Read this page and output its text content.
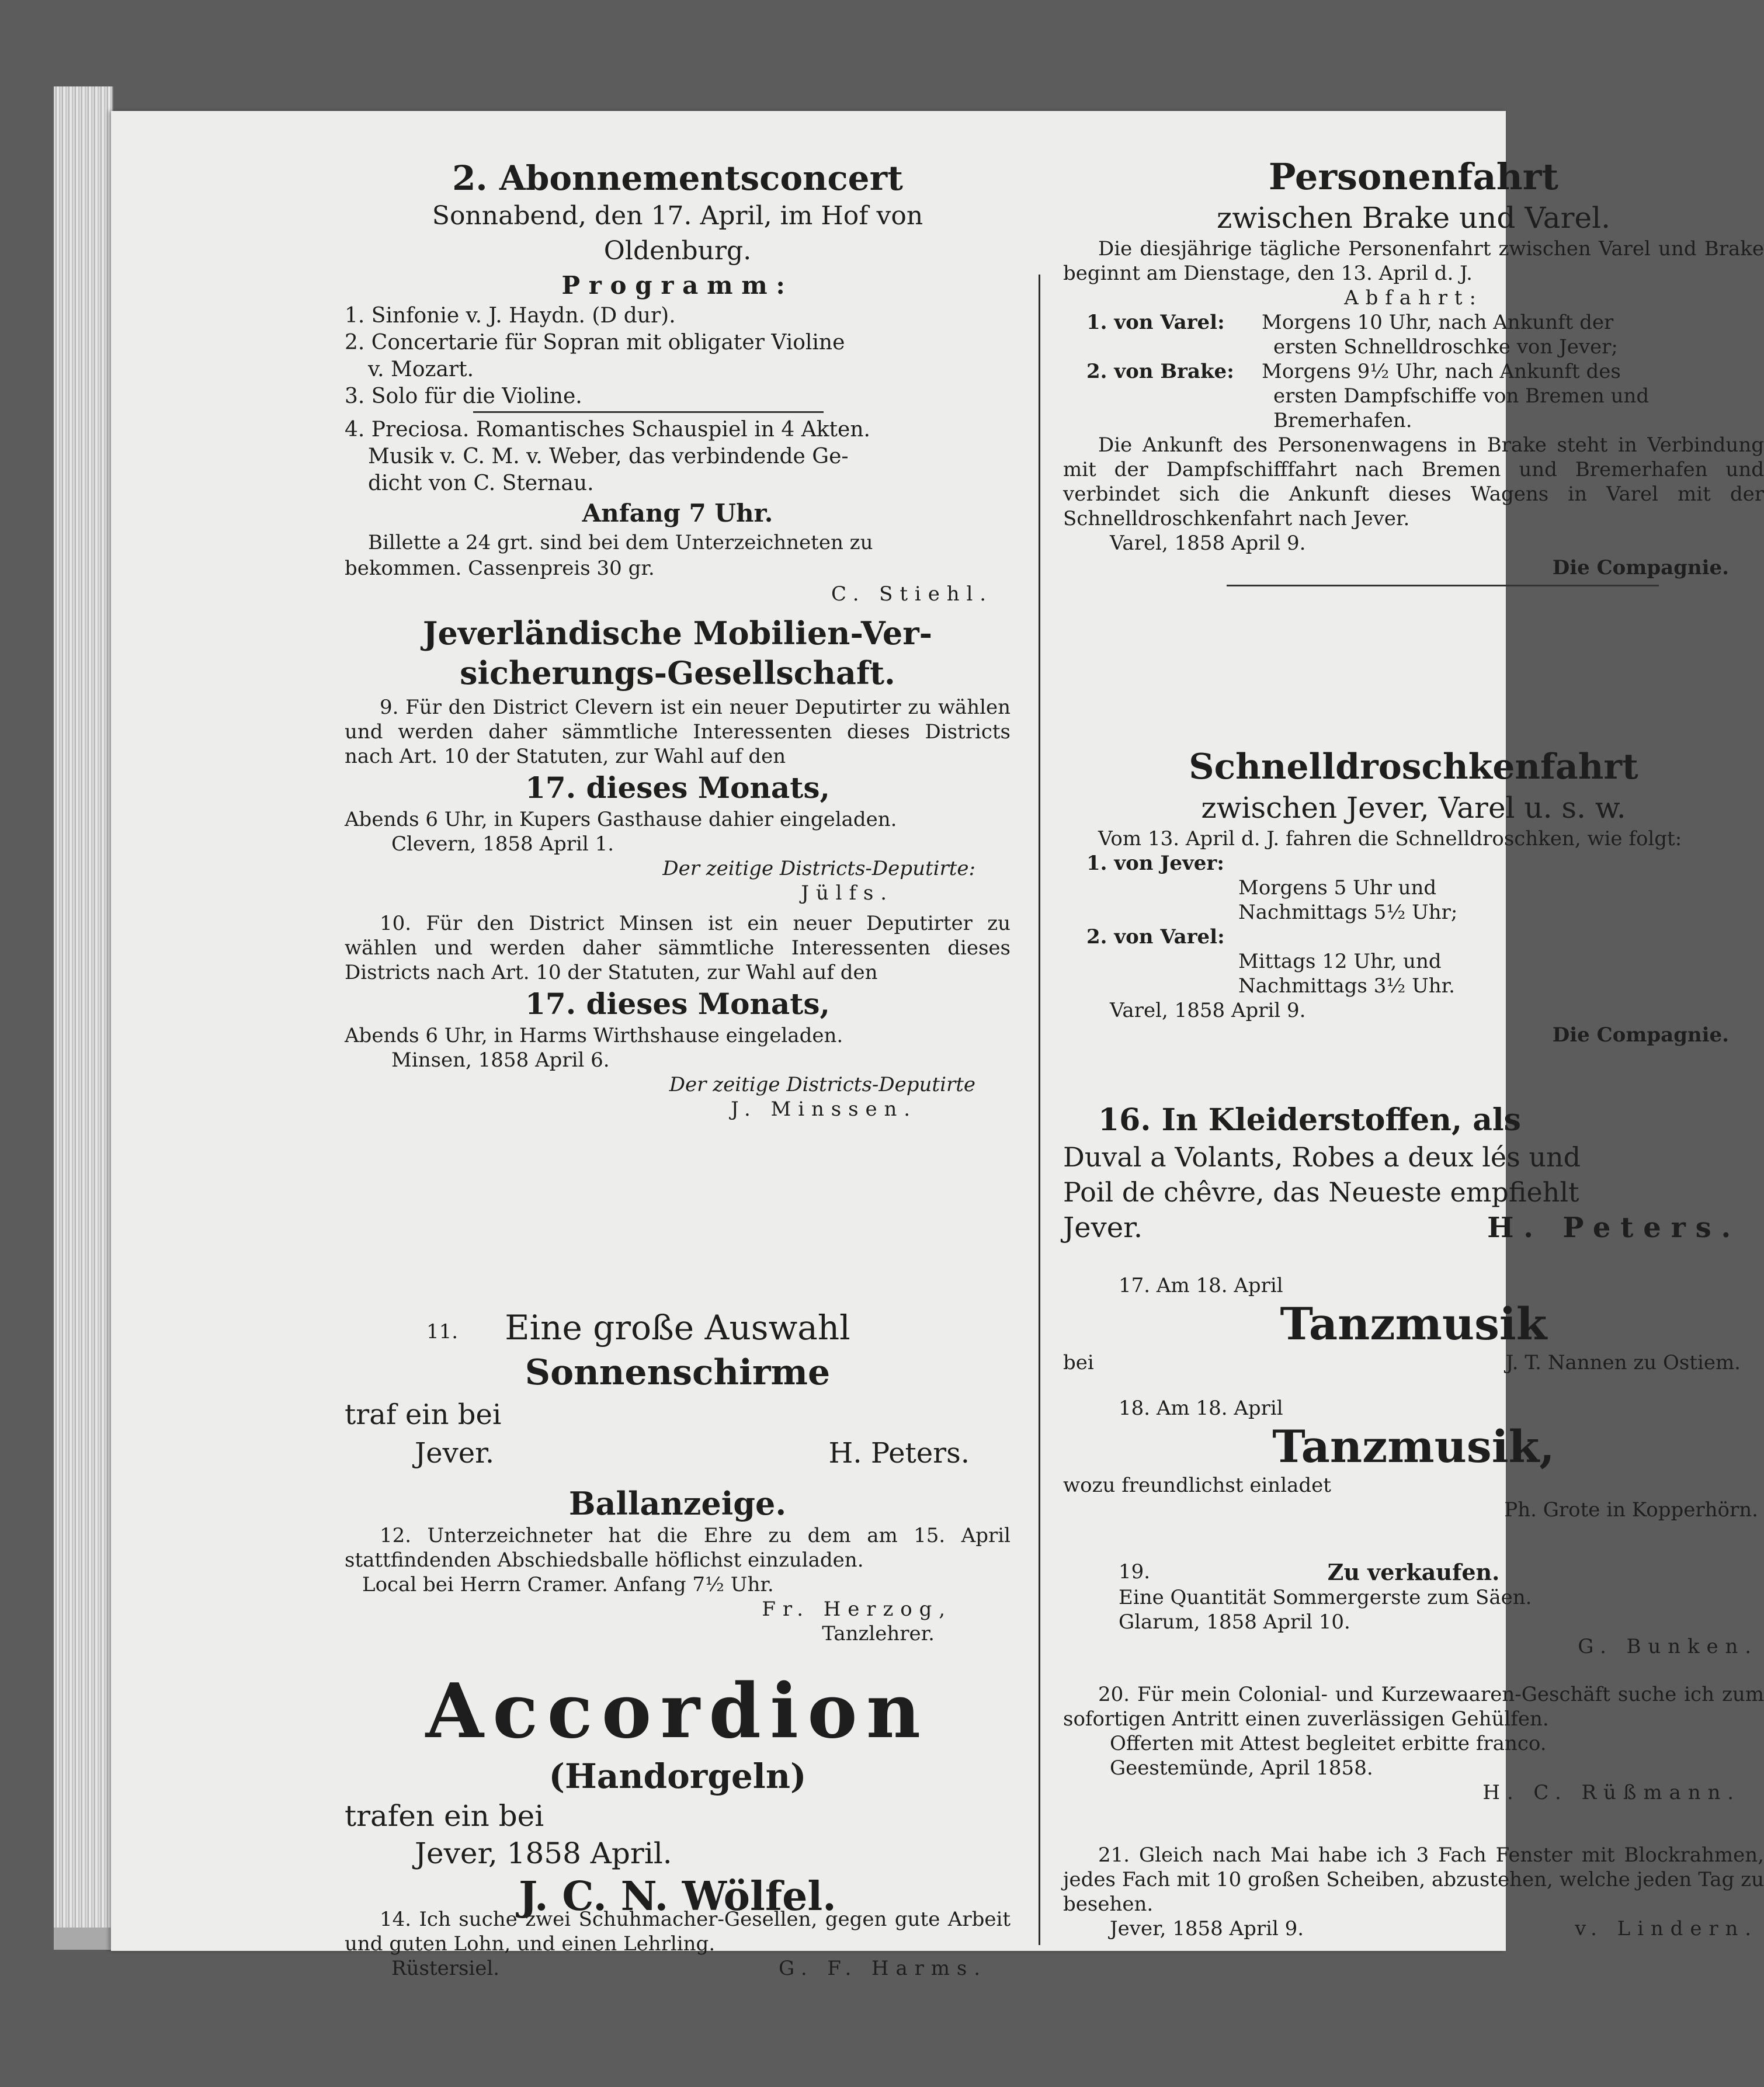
2. Abonnementsconcert
Sonnabend, den 17. April, im Hof von
Oldenburg.
Programm:
1. Sinfonie v. J. Haydn. (D dur).
2. Concertarie für Sopran mit obligater Violine
v. Mozart.
3. Solo für die Violine.
4. Preciosa. Romantisches Schauspiel in 4 Akten.
Musik v. C. M. v. Weber, das verbindende Ge-
dicht von C. Sternau.
Anfang 7 Uhr.
Billette a 24 grt. sind bei dem Unterzeichneten zu
bekommen. Cassenpreis 30 gr.
C. Stiehl.
Jeverländische Mobilien-Ver-
sicherungs-Gesellschaft.
9. Für den District Clevern ist ein neuer Deputirter zu wählen und werden daher sämmtliche Interessenten dieses Districts nach Art. 10 der Statuten, zur Wahl auf den
17. dieses Monats,
Abends 6 Uhr, in Kupers Gasthause dahier eingeladen.
Clevern, 1858 April 1.
Der zeitige Districts-Deputirte:
Jülfs.
10. Für den District Minsen ist ein neuer Deputirter zu wählen und werden daher sämmtliche Interessenten dieses Districts nach Art. 10 der Statuten, zur Wahl auf den
17. dieses Monats,
Abends 6 Uhr, in Harms Wirthshause eingeladen.
Minsen, 1858 April 6.
Der zeitige Districts-Deputirte
J. Minssen.
11.	Eine große Auswahl
Sonnenschirme
traf ein bei
Jever.	H. Peters.
Ballanzeige.
12. Unterzeichneter hat die Ehre zu dem am 15. April stattfindenden Abschiedsballe höflichst einzuladen.
Local bei Herrn Cramer. Anfang 7½ Uhr.
Fr. Herzog,
Tanzlehrer.
Accordion
(Handorgeln)
trafen ein bei
Jever, 1858 April.
J. C. N. Wölfel.
14. Ich suche zwei Schuhmacher-Gesellen, gegen gute Arbeit und guten Lohn, und einen Lehrling.
Rüstersiel.	G. F. Harms.
Personenfahrt
zwischen Brake und Varel.
Die diesjährige tägliche Personenfahrt zwischen Varel und Brake beginnt am Dienstage, den 13. April d. J.
Abfahrt:
1. von Varel: Morgens 10 Uhr, nach Ankunft der
ersten Schnelldroschke von Jever;
2. von Brake: Morgens 9½ Uhr, nach Ankunft des
ersten Dampfschiffe von Bremen und
Bremerhafen.
Die Ankunft des Personenwagens in Brake steht in Verbindung mit der Dampfschifffahrt nach Bremen und Bremerhafen und verbindet sich die Ankunft dieses Wagens in Varel mit der Schnelldroschkenfahrt nach Jever.
Varel, 1858 April 9.
Die Compagnie.
Schnelldroschkenfahrt
zwischen Jever, Varel u. s. w.
Vom 13. April d. J. fahren die Schnelldroschken, wie folgt:
1. von Jever:
Morgens 5 Uhr und
Nachmittags 5½ Uhr;
2. von Varel:
Mittags 12 Uhr, und
Nachmittags 3½ Uhr.
Varel, 1858 April 9.
Die Compagnie.
16. In Kleiderstoffen, als
Duval a Volants, Robes a deux lés und
Poil de chêvre, das Neueste empfiehlt
Jever.	H. Peters.
17. Am 18. April
Tanzmusik
bei	J. T. Nannen zu Ostiem.
18. Am 18. April
Tanzmusik,
wozu freundlichst einladet
Ph. Grote in Kopperhörn.
19.	Zu verkaufen.
Eine Quantität Sommergerste zum Säen.
Glarum, 1858 April 10.
G. Bunken.
20. Für mein Colonial- und Kurzewaaren-Geschäft suche ich zum sofortigen Antritt einen zuverlässigen Gehülfen.
Offerten mit Attest begleitet erbitte franco.
Geestemünde, April 1858.
H. C. Rüßmann.
21. Gleich nach Mai habe ich 3 Fach Fenster mit Blockrahmen, jedes Fach mit 10 großen Scheiben, abzustehen, welche jeden Tag zu besehen.
Jever, 1858 April 9.	v. Lindern.
